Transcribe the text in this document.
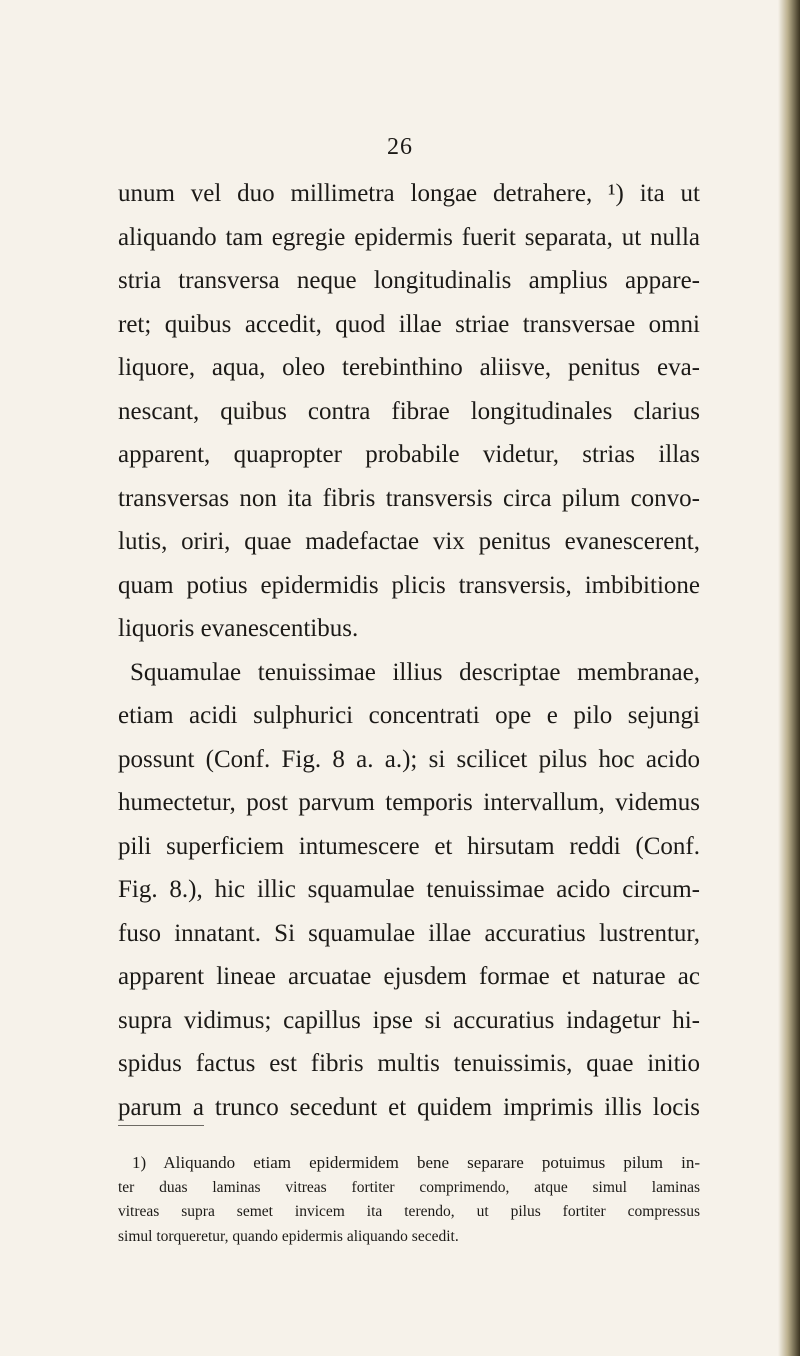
26
unum vel duo millimetra longae detrahere, ¹) ita ut
aliquando tam egregie epidermis fuerit separata, ut nulla
stria transversa neque longitudinalis amplius appare-
ret; quibus accedit, quod illae striae transversae omni
liquore, aqua, oleo terebinthino aliisve, penitus eva-
nescant, quibus contra fibrae longitudinales clarius
apparent, quapropter probabile videtur, strias illas
transversas non ita fibris transversis circa pilum convo-
lutis, oriri, quae madefactae vix penitus evanescerent,
quam potius epidermidis plicis transversis, imbibitione
liquoris evanescentibus.
Squamulae tenuissimae illius descriptae membranae,
etiam acidi sulphurici concentrati ope e pilo sejungi
possunt (Conf. Fig. 8 a. a.); si scilicet pilus hoc acido
humectetur, post parvum temporis intervallum, videmus
pili superficiem intumescere et hirsutam reddi (Conf.
Fig. 8.), hic illic squamulae tenuissimae acido circum-
fuso innatant. Si squamulae illae accuratius lustrentur,
apparent lineae arcuatae ejusdem formae et naturae ac
supra vidimus; capillus ipse si accuratius indagetur hi-
spidus factus est fibris multis tenuissimis, quae initio
parum a trunco secedunt et quidem imprimis illis locis
1) Aliquando etiam epidermidem bene separare potuimus pilum in-
ter duas laminas vitreas fortiter comprimendo, atque simul laminas
vitreas supra semet invicem ita terendo, ut pilus fortiter compressus
simul torqueretur, quando epidermis aliquando secedit.
